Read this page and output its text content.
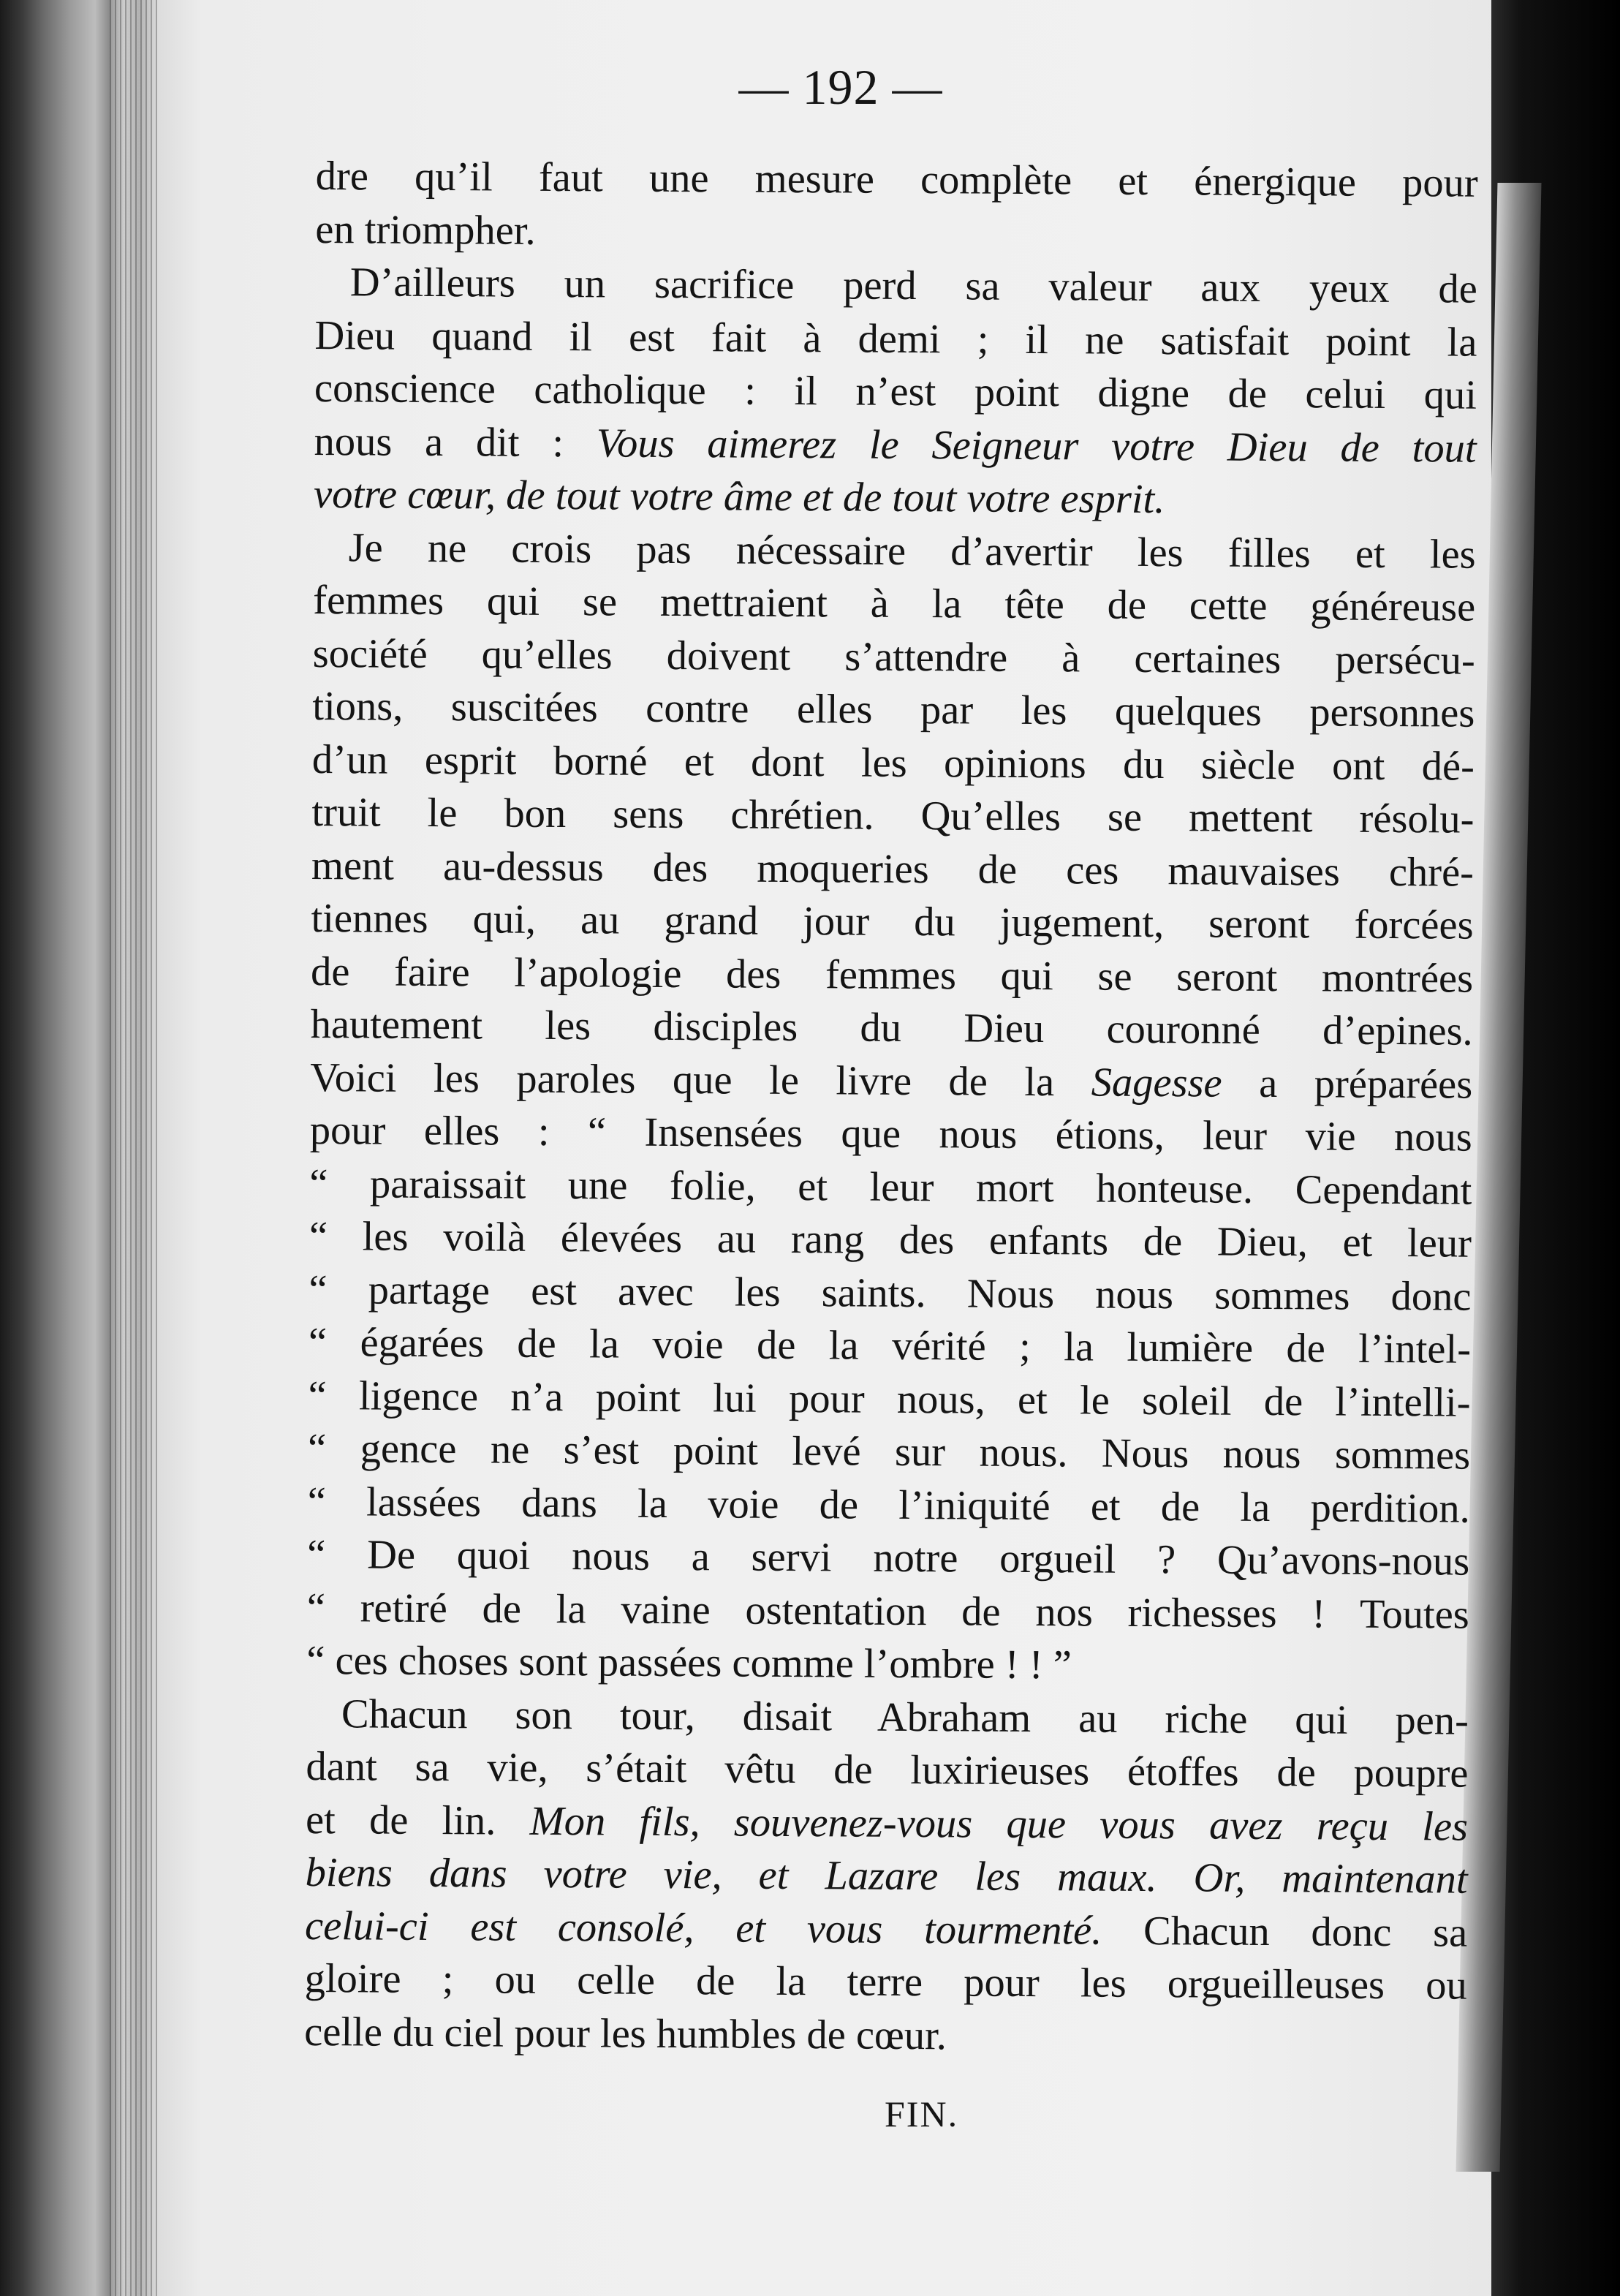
— 192 —
dre qu’il faut une mesure complète et énergique pour
en triompher.
D’ailleurs un sacrifice perd sa valeur aux yeux de
Dieu quand il est fait à demi ; il ne satisfait point la
conscience catholique : il n’est point digne de celui qui
nous a dit : Vous aimerez le Seigneur votre Dieu de tout
votre cœur, de tout votre âme et de tout votre esprit.
Je ne crois pas nécessaire d’avertir les filles et les
femmes qui se mettraient à la tête de cette généreuse
société qu’elles doivent s’attendre à certaines persécu-
tions, suscitées contre elles par les quelques personnes
d’un esprit borné et dont les opinions du siècle ont dé-
truit le bon sens chrétien. Qu’elles se mettent résolu-
ment au-dessus des moqueries de ces mauvaises chré-
tiennes qui, au grand jour du jugement, seront forcées
de faire l’apologie des femmes qui se seront montrées
hautement les disciples du Dieu couronné d’epines.
Voici les paroles que le livre de la Sagesse a préparées
pour elles : “ Insensées que nous étions, leur vie nous
“ paraissait une folie, et leur mort honteuse. Cependant
“ les voilà élevées au rang des enfants de Dieu, et leur
“ partage est avec les saints. Nous nous sommes donc
“ égarées de la voie de la vérité ; la lumière de l’intel-
“ ligence n’a point lui pour nous, et le soleil de l’intelli-
“ gence ne s’est point levé sur nous. Nous nous sommes
“ lassées dans la voie de l’iniquité et de la perdition.
“ De quoi nous a servi notre orgueil ? Qu’avons-nous
“ retiré de la vaine ostentation de nos richesses ! Toutes
“ ces choses sont passées comme l’ombre ! ! ”
Chacun son tour, disait Abraham au riche qui pen-
dant sa vie, s’était vêtu de luxirieuses étoffes de poupre
et de lin. Mon fils, souvenez-vous que vous avez reçu les
biens dans votre vie, et Lazare les maux. Or, maintenant
celui-ci est consolé, et vous tourmenté. Chacun donc sa
gloire ; ou celle de la terre pour les orgueilleuses ou
celle du ciel pour les humbles de cœur.
FIN.
